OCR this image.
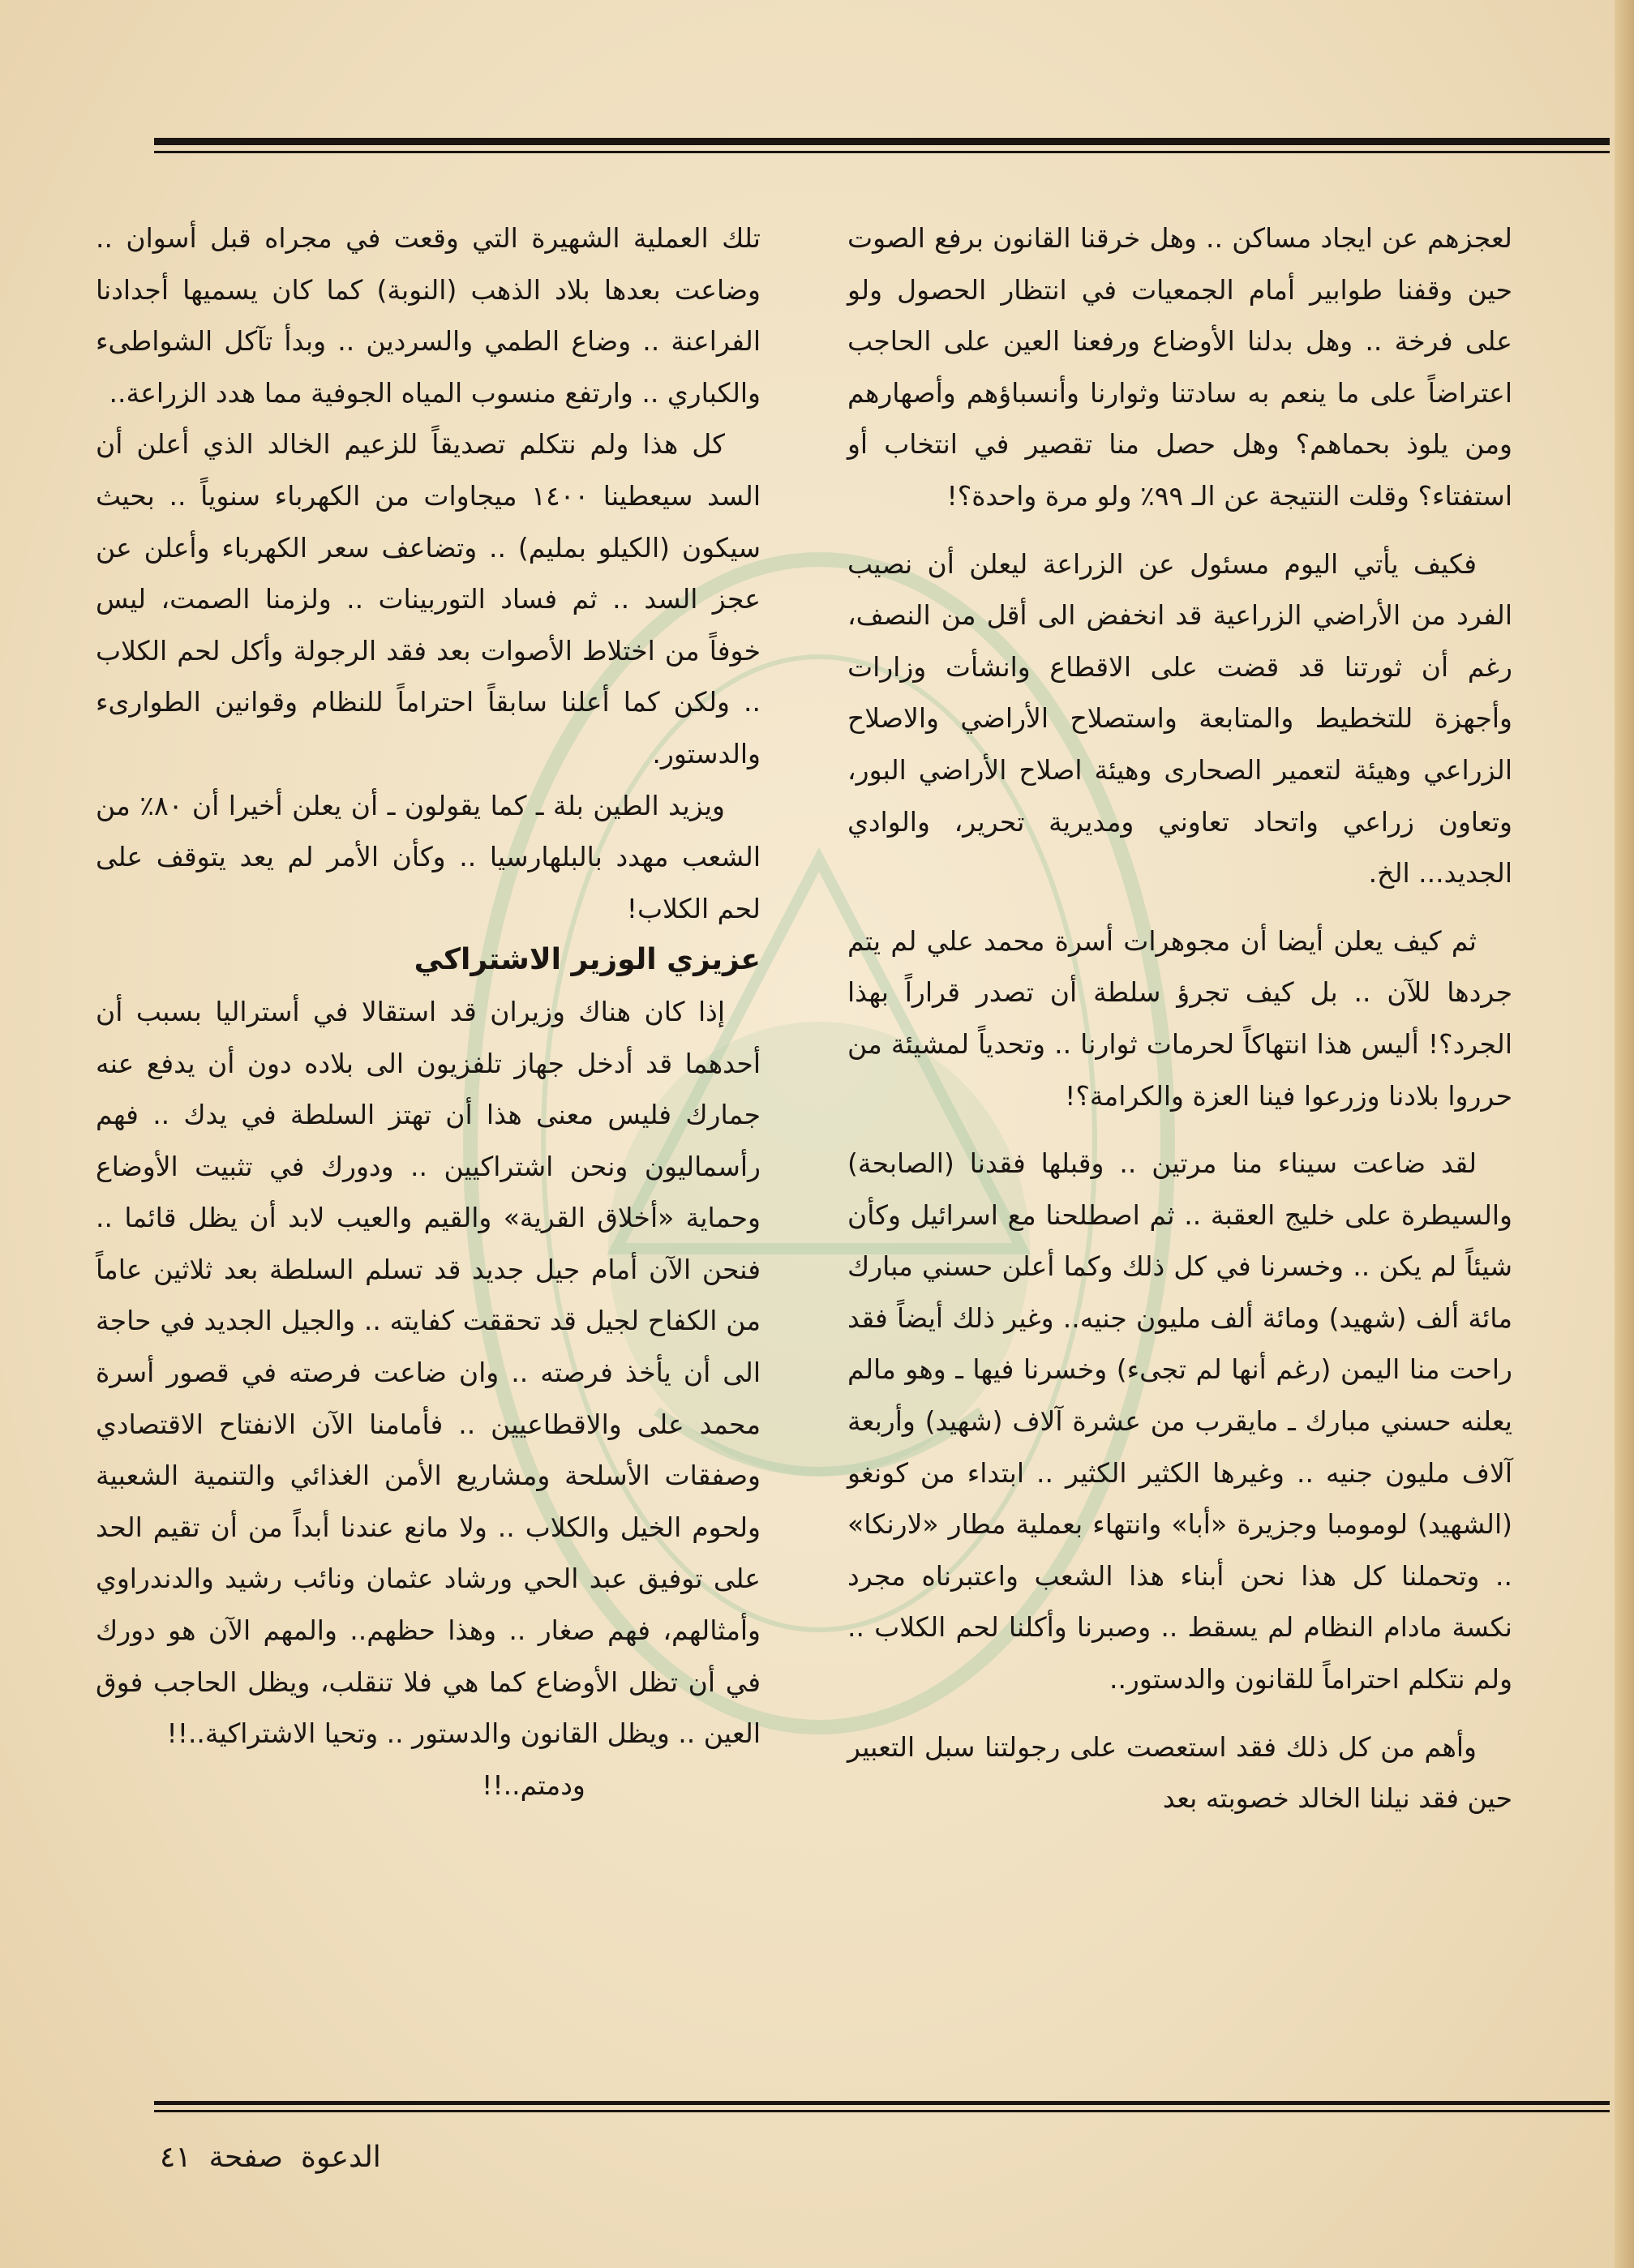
لعجزهم عن ايجاد مساكن .. وهل خرقنا القانون برفع الصوت حين وقفنا طوابير أمام الجمعيات في انتظار الحصول ولو على فرخة .. وهل بدلنا الأوضاع ورفعنا العين على الحاجب اعتراضاً على ما ينعم به سادتنا وثوارنا وأنسباؤهم وأصهارهم ومن يلوذ بحماهم؟ وهل حصل منا تقصير في انتخاب أو استفتاء؟ وقلت النتيجة عن الـ ٩٩٪ ولو مرة واحدة؟!

فكيف يأتي اليوم مسئول عن الزراعة ليعلن أن نصيب الفرد من الأراضي الزراعية قد انخفض الى أقل من النصف، رغم أن ثورتنا قد قضت على الاقطاع وانشأت وزارات وأجهزة للتخطيط والمتابعة واستصلاح الأراضي والاصلاح الزراعي وهيئة لتعمير الصحارى وهيئة اصلاح الأراضي البور، وتعاون زراعي واتحاد تعاوني ومديرية تحرير، والوادي الجديد... الخ.

ثم كيف يعلن أيضا أن مجوهرات أسرة محمد علي لم يتم جردها للآن .. بل كيف تجرؤ سلطة أن تصدر قراراً بهذا الجرد؟! أليس هذا انتهاكاً لحرمات ثوارنا .. وتحدياً لمشيئة من حرروا بلادنا وزرعوا فينا العزة والكرامة؟!

لقد ضاعت سيناء منا مرتين .. وقبلها فقدنا (الصابحة) والسيطرة على خليج العقبة .. ثم اصطلحنا مع اسرائيل وكأن شيئاً لم يكن .. وخسرنا في كل ذلك وكما أعلن حسني مبارك مائة ألف (شهيد) ومائة ألف مليون جنيه.. وغير ذلك أيضاً فقد راحت منا اليمن (رغم أنها لم تجىء) وخسرنا فيها ـ وهو مالم يعلنه حسني مبارك ـ مايقرب من عشرة آلاف (شهيد) وأربعة آلاف مليون جنيه .. وغيرها الكثير الكثير .. ابتداء من كونغو (الشهيد) لومومبا وجزيرة «أبا» وانتهاء بعملية مطار «لارنكا» .. وتحملنا كل هذا نحن أبناء هذا الشعب واعتبرناه مجرد نكسة مادام النظام لم يسقط .. وصبرنا وأكلنا لحم الكلاب .. ولم نتكلم احتراماً للقانون والدستور..

وأهم من كل ذلك فقد استعصت على رجولتنا سبل التعبير حين فقد نيلنا الخالد خصوبته بعد

تلك العملية الشهيرة التي وقعت في مجراه قبل أسوان .. وضاعت بعدها بلاد الذهب (النوبة) كما كان يسميها أجدادنا الفراعنة .. وضاع الطمي والسردين .. وبدأ تآكل الشواطىء والكباري .. وارتفع منسوب المياه الجوفية مما هدد الزراعة..

كل هذا ولم نتكلم تصديقاً للزعيم الخالد الذي أعلن أن السد سيعطينا ١٤٠٠ ميجاوات من الكهرباء سنوياً .. بحيث سيكون (الكيلو بمليم) .. وتضاعف سعر الكهرباء وأعلن عن عجز السد .. ثم فساد التوربينات .. ولزمنا الصمت، ليس خوفاً من اختلاط الأصوات بعد فقد الرجولة وأكل لحم الكلاب .. ولكن كما أعلنا سابقاً احتراماً للنظام وقوانين الطوارىء والدستور.

ويزيد الطين بلة ـ كما يقولون ـ أن يعلن أخيرا أن ٨٠٪ من الشعب مهدد بالبلهارسيا .. وكأن الأمر لم يعد يتوقف على لحم الكلاب!

عزيزي الوزير الاشتراكي

إذا كان هناك وزيران قد استقالا في أستراليا بسبب أن أحدهما قد أدخل جهاز تلفزيون الى بلاده دون أن يدفع عنه جمارك فليس معنى هذا أن تهتز السلطة في يدك .. فهم رأسماليون ونحن اشتراكيين .. ودورك في تثبيت الأوضاع وحماية «أخلاق القرية» والقيم والعيب لابد أن يظل قائما .. فنحن الآن أمام جيل جديد قد تسلم السلطة بعد ثلاثين عاماً من الكفاح لجيل قد تحققت كفايته .. والجيل الجديد في حاجة الى أن يأخذ فرصته .. وان ضاعت فرصته في قصور أسرة محمد على والاقطاعيين .. فأمامنا الآن الانفتاح الاقتصادي وصفقات الأسلحة ومشاريع الأمن الغذائي والتنمية الشعبية ولحوم الخيل والكلاب .. ولا مانع عندنا أبداً من أن تقيم الحد على توفيق عبد الحي ورشاد عثمان ونائب رشيد والدندراوي وأمثالهم، فهم صغار .. وهذا حظهم.. والمهم الآن هو دورك في أن تظل الأوضاع كما هي فلا تنقلب، ويظل الحاجب فوق العين .. ويظل القانون والدستور .. وتحيا الاشتراكية..!!

ودمتم..!!

الدعوةصفحة٤١
